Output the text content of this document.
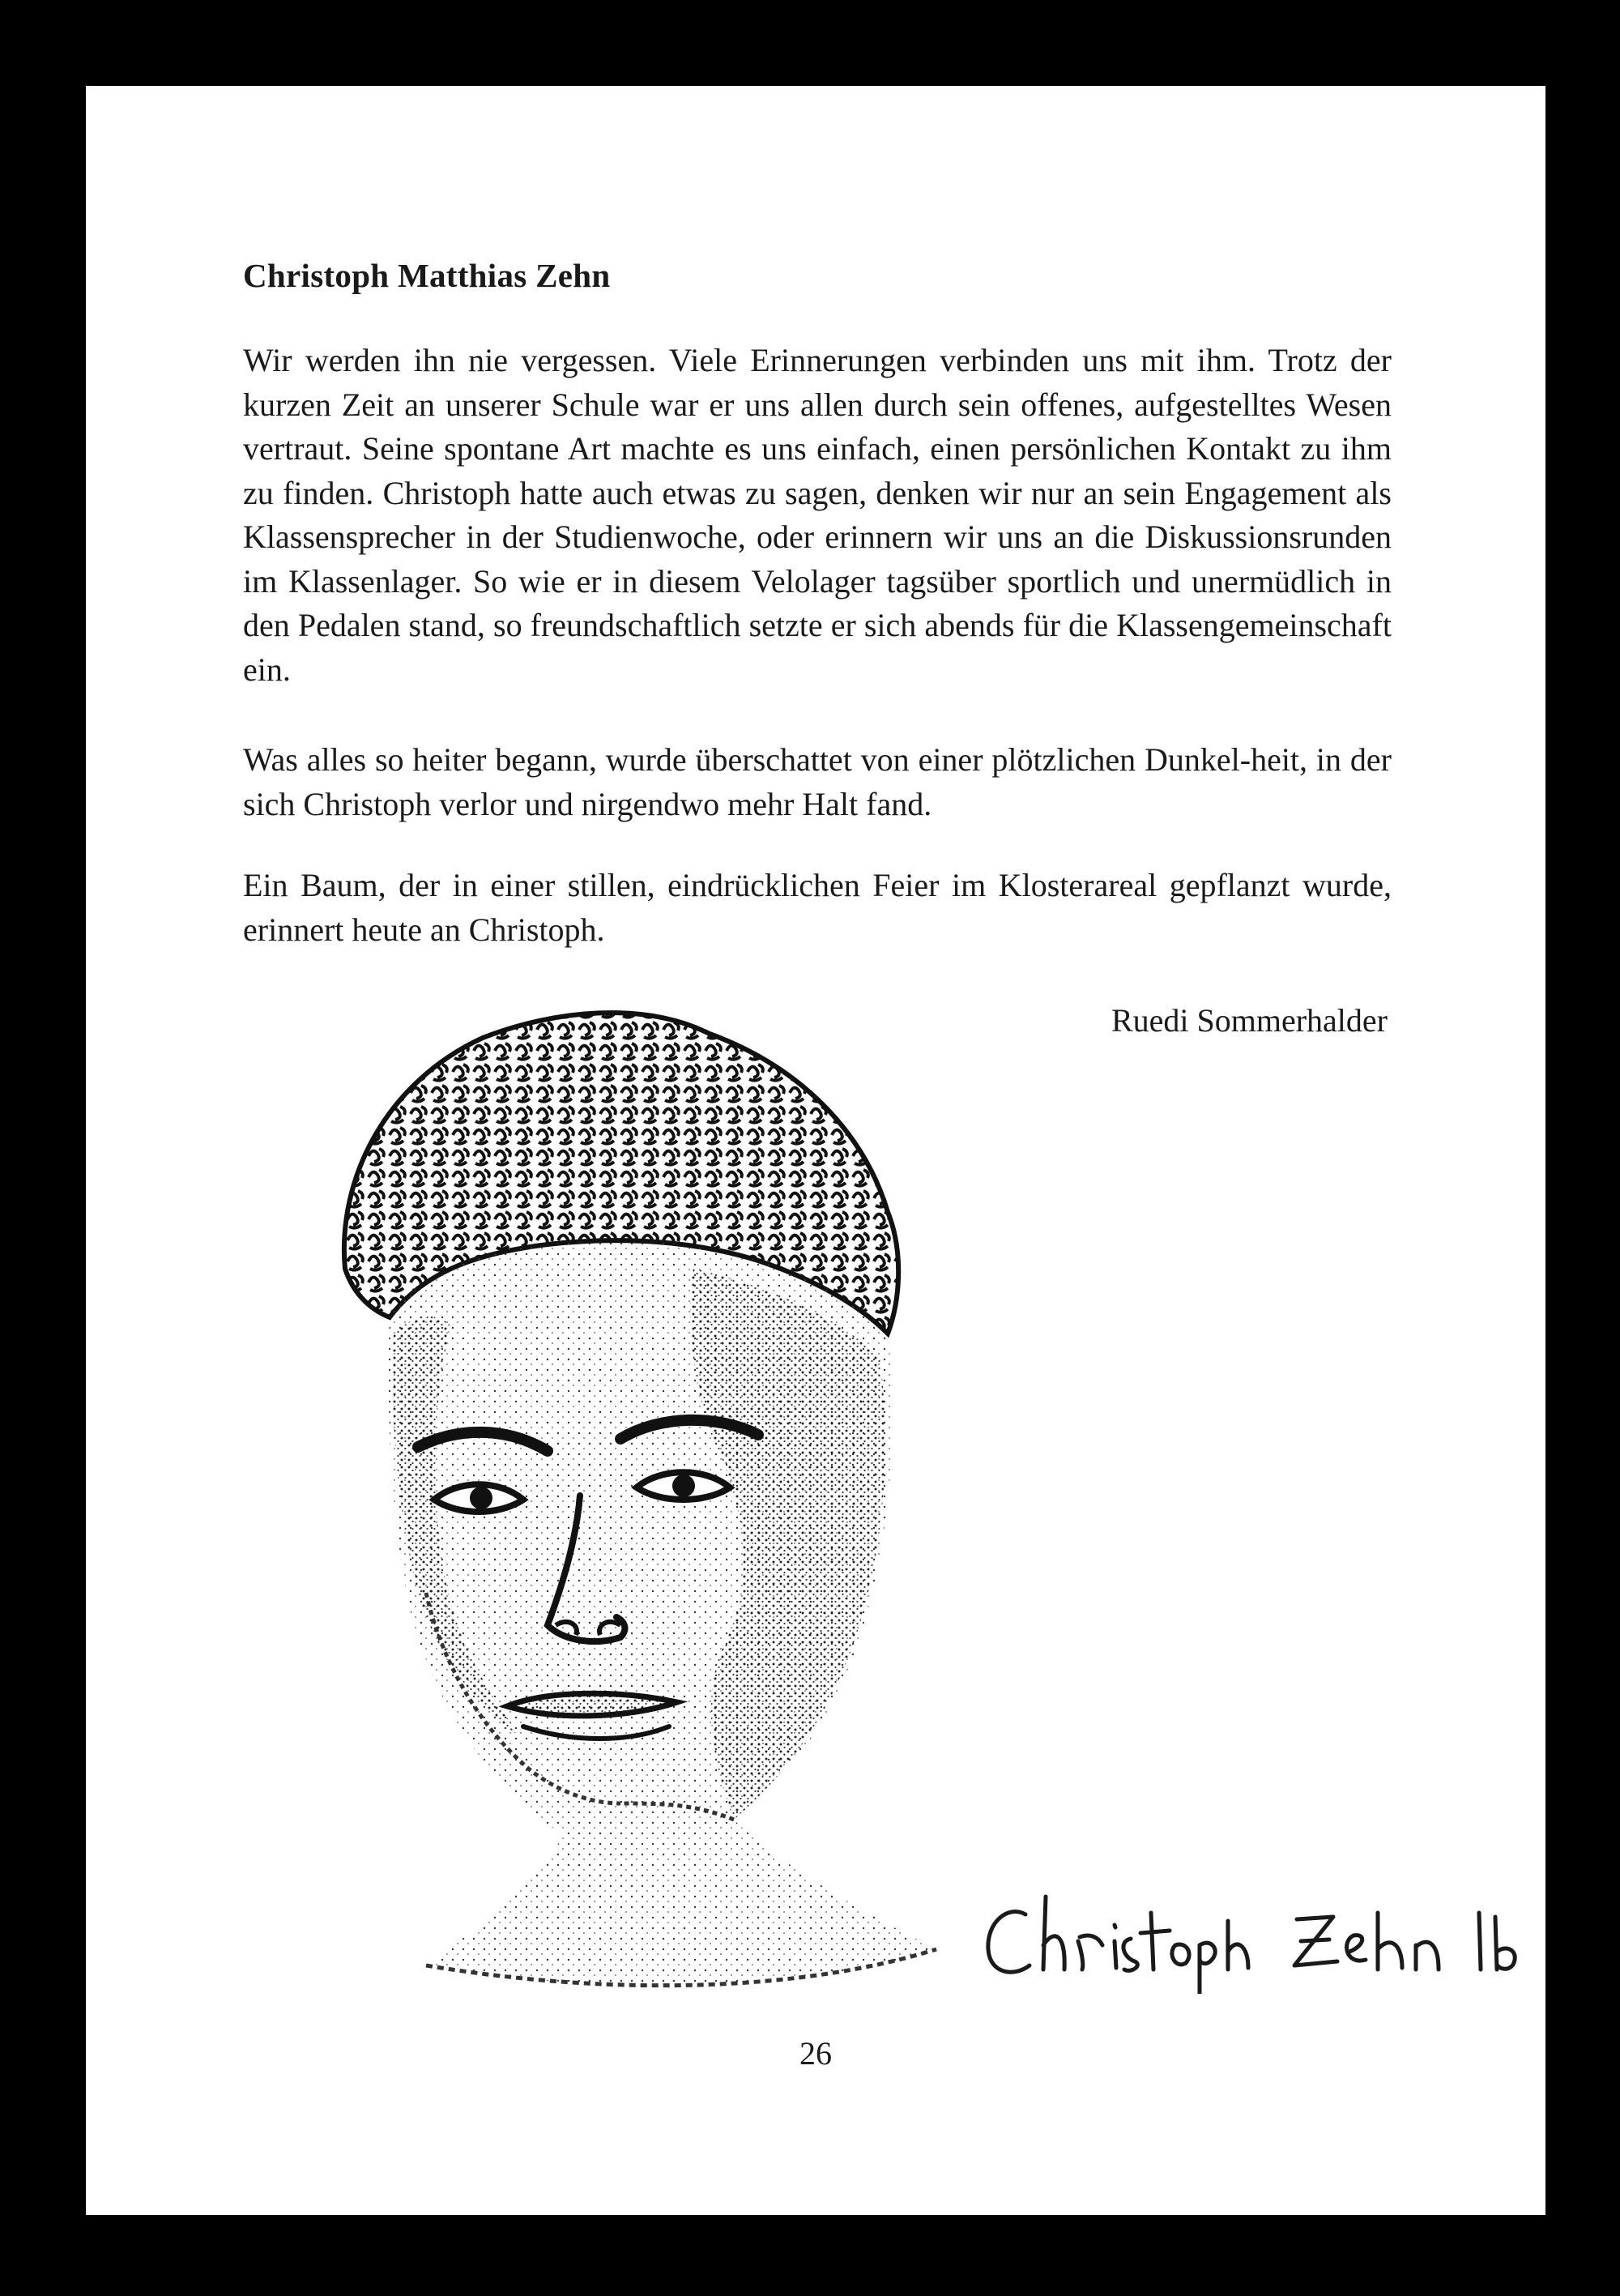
Christoph Matthias Zehn

Wir werden ihn nie vergessen. Viele Erinnerungen verbinden uns mit ihm. Trotz der kurzen Zeit an unserer Schule war er uns allen durch sein offenes, aufgestelltes Wesen vertraut. Seine spontane Art machte es uns einfach, einen persönlichen Kontakt zu ihm zu finden. Christoph hatte auch etwas zu sagen, denken wir nur an sein Engagement als Klassensprecher in der Studienwoche, oder erinnern wir uns an die Diskussionsrunden im Klassenlager. So wie er in diesem Velolager tagsüber sportlich und unermüdlich in den Pedalen stand, so freundschaftlich setzte er sich abends für die Klassengemeinschaft ein.

Was alles so heiter begann, wurde überschattet von einer plötzlichen Dunkel-heit, in der sich Christoph verlor und nirgendwo mehr Halt fand.

Ein Baum, der in einer stillen, eindrücklichen Feier im Klosterareal gepflanzt wurde, erinnert heute an Christoph.

Ruedi Sommerhalder

26
